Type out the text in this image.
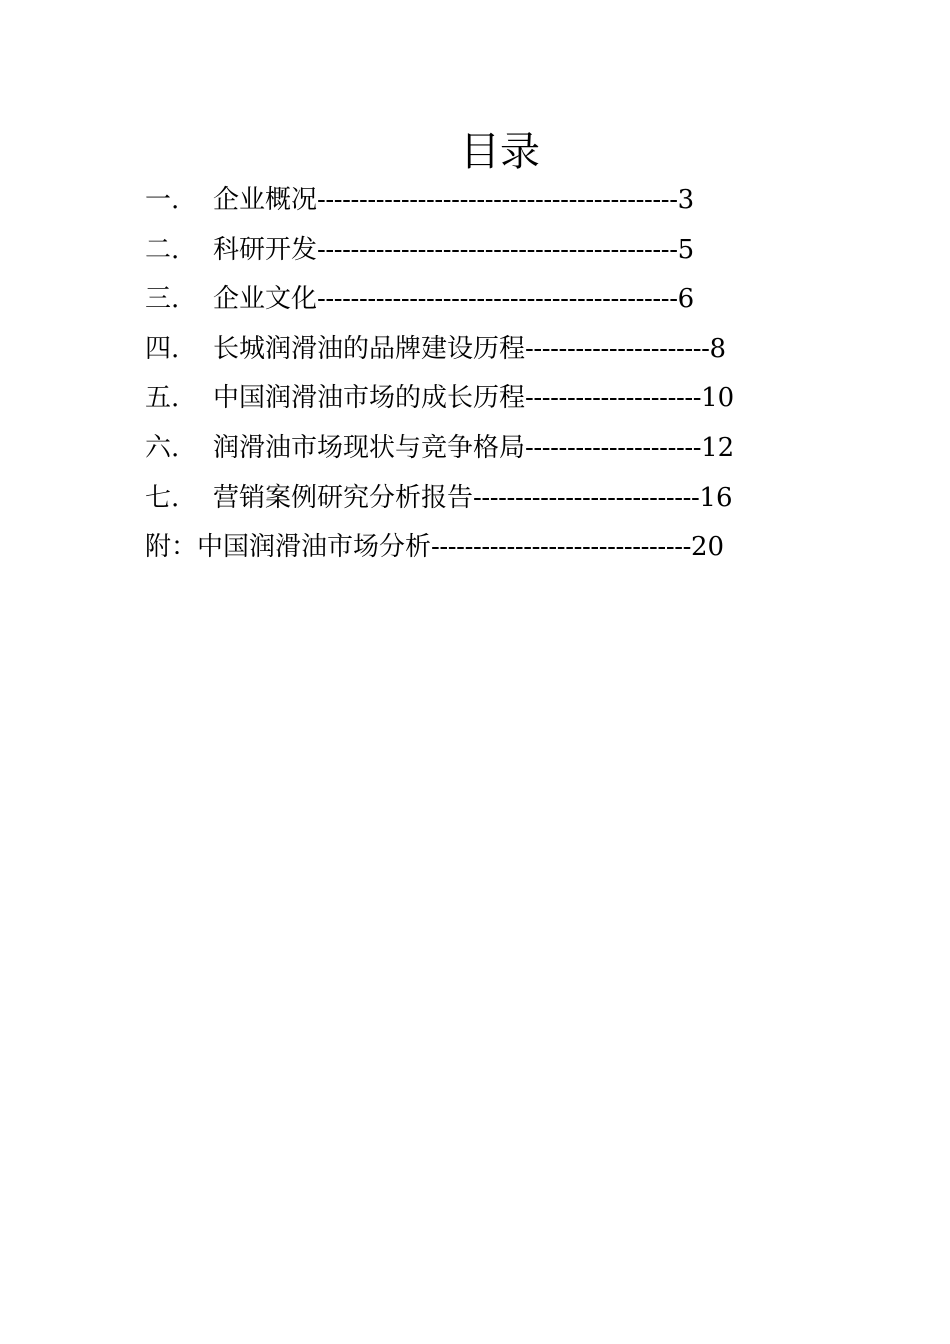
目录
一. 企业概况-------------------------------------------3
二. 科研开发-------------------------------------------5
三. 企业文化-------------------------------------------6
四. 长城润滑油的品牌建设历程----------------------8
五. 中国润滑油市场的成长历程---------------------10
六. 润滑油市场现状与竞争格局---------------------12
七. 营销案例研究分析报告---------------------------16
附：中国润滑油市场分析-------------------------------20
